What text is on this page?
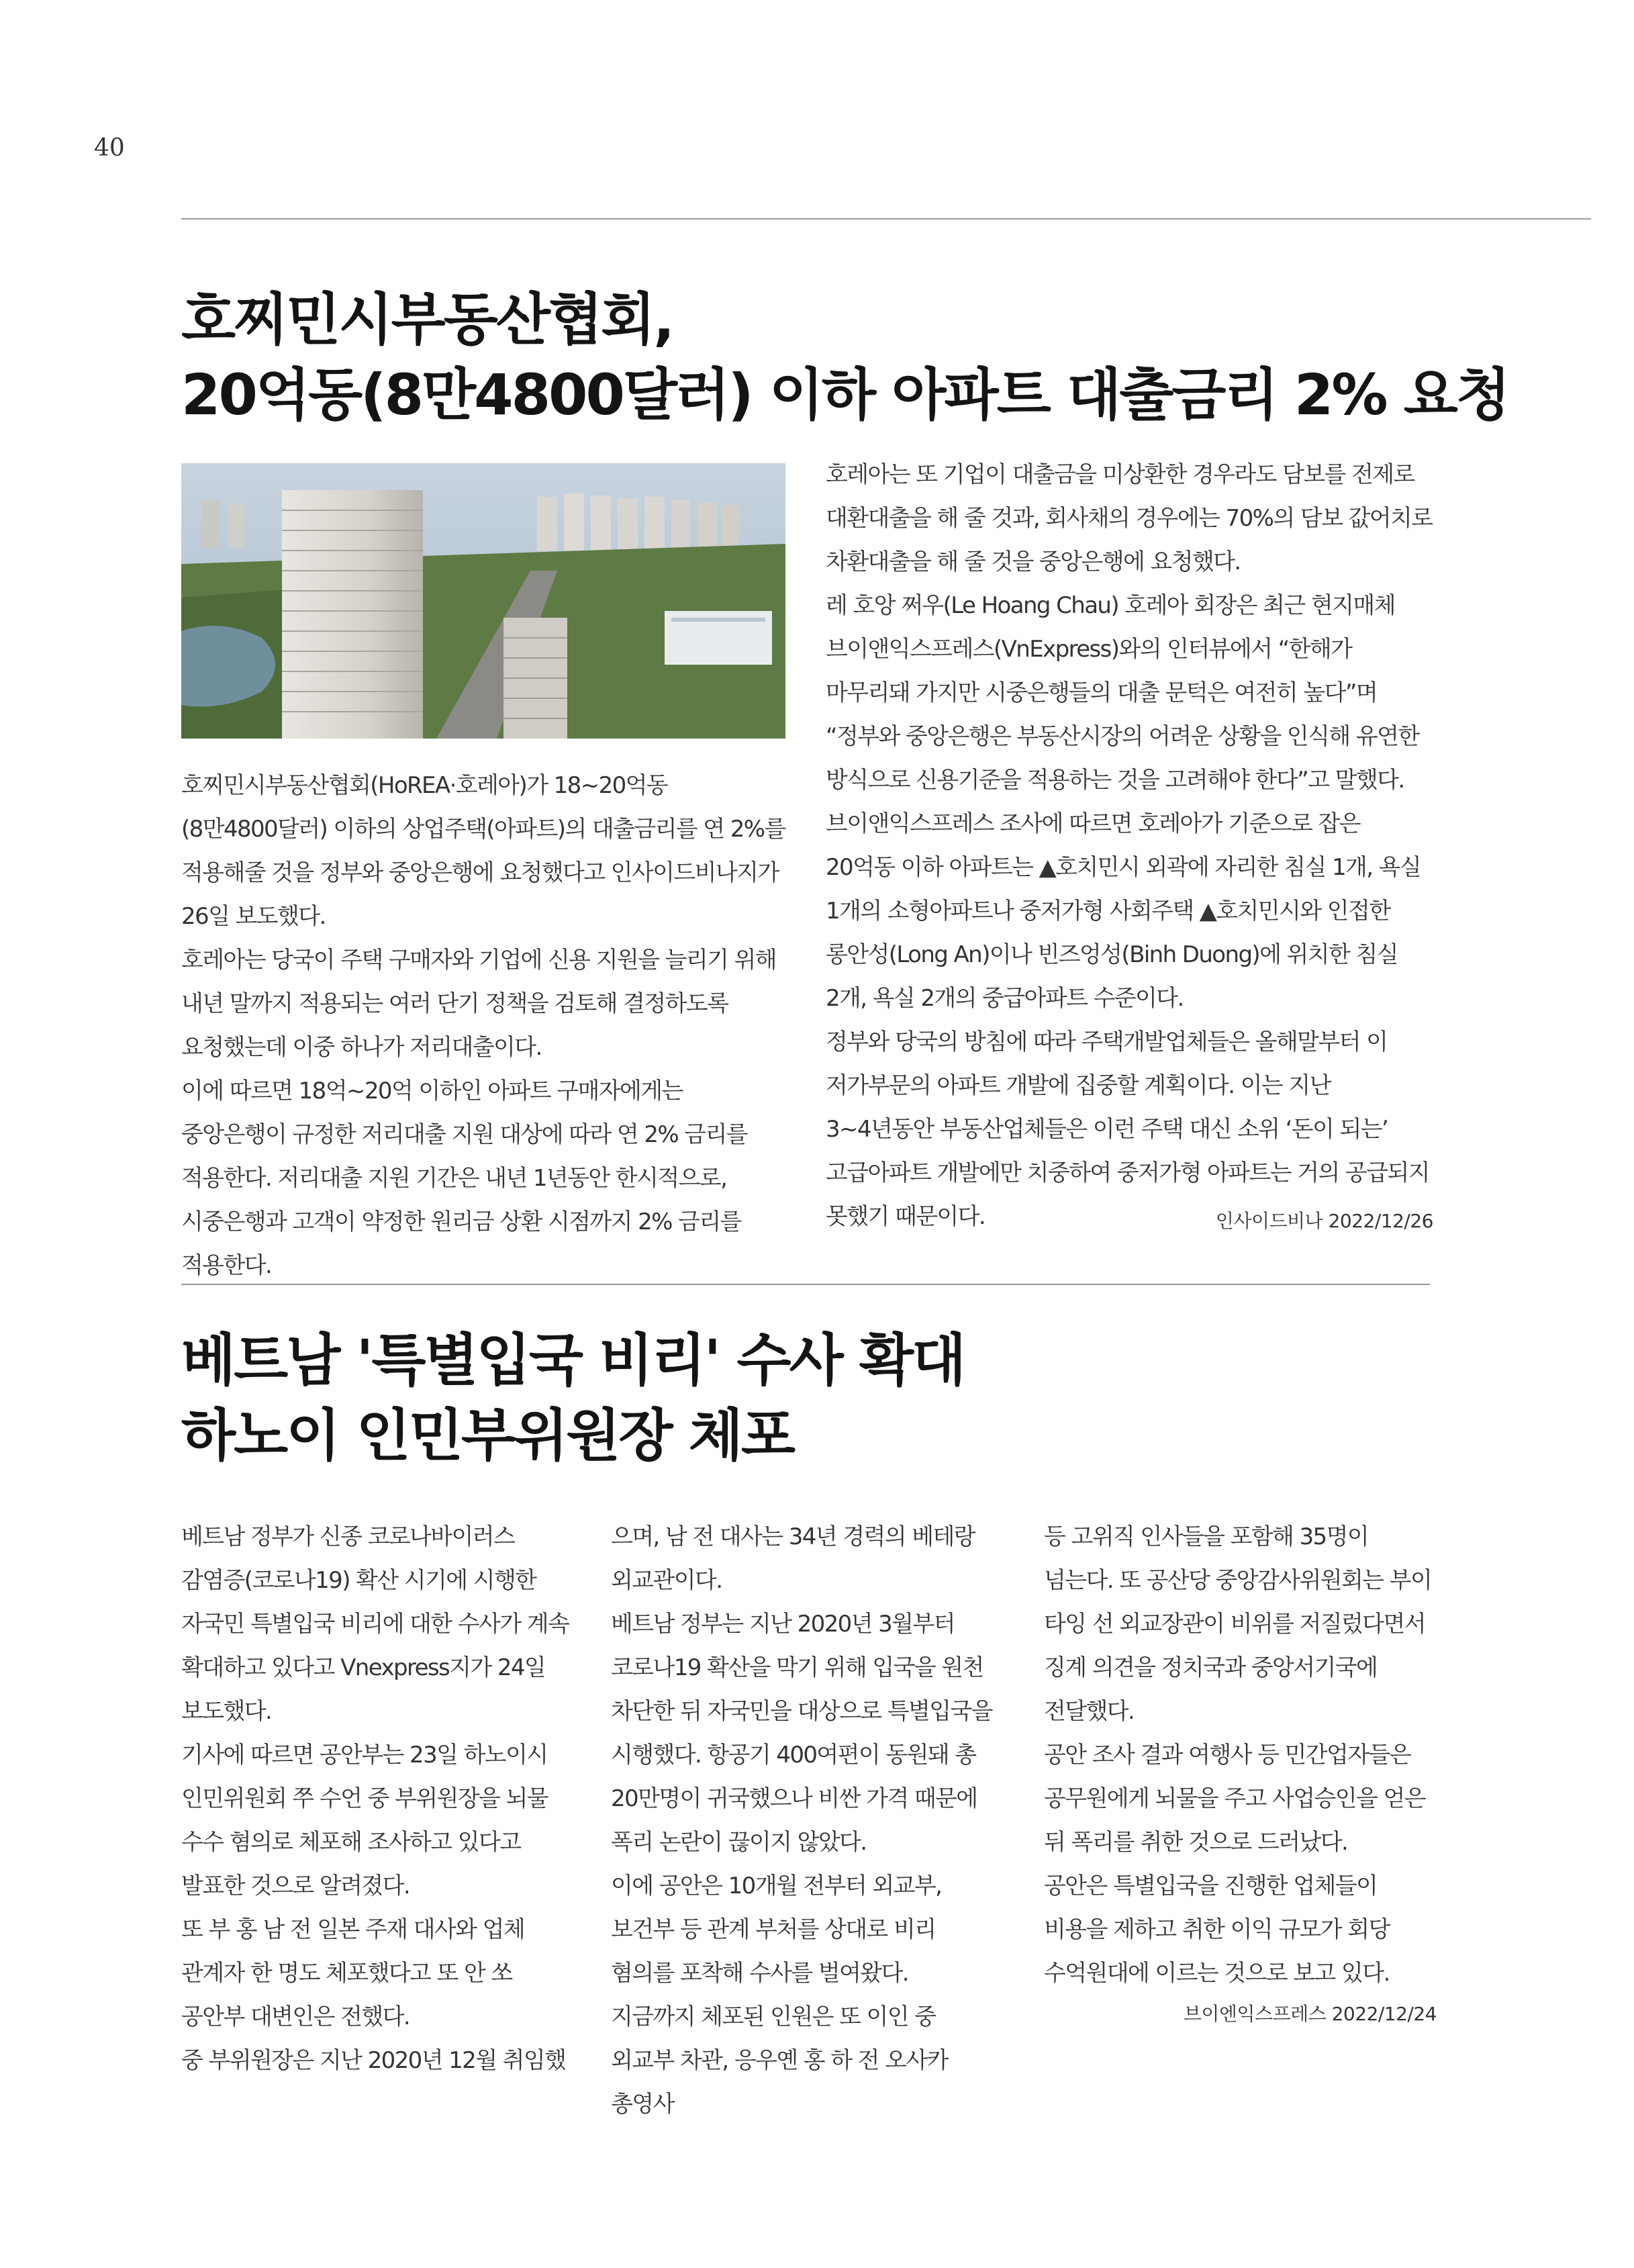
40
호찌민시부동산협회,
20억동(8만4800달러) 이하 아파트 대출금리 2% 요청

호찌민시부동산협회(HoREA·호레아)가 18~20억동(8만4800달러) 이하의 상업주택(아파트)의 대출금리를 연 2%를 적용해줄 것을 정부와 중앙은행에 요청했다고 인사이드비나지가 26일 보도했다.

호레아는 당국이 주택 구매자와 기업에 신용 지원을 늘리기 위해 내년 말까지 적용되는 여러 단기 정책을 검토해 결정하도록 요청했는데 이중 하나가 저리대출이다.

이에 따르면 18억~20억 이하인 아파트 구매자에게는 중앙은행이 규정한 저리대출 지원 대상에 따라 연 2% 금리를 적용한다. 저리대출 지원 기간은 내년 1년동안 한시적으로, 시중은행과 고객이 약정한 원리금 상환 시점까지 2% 금리를 적용한다.

호레아는 또 기업이 대출금을 미상환한 경우라도 담보를 전제로 대환대출을 해 줄 것과, 회사채의 경우에는 70%의 담보 값어치로 차환대출을 해 줄 것을 중앙은행에 요청했다.

레 호앙 쩌우(Le Hoang Chau) 호레아 회장은 최근 현지매체 브이앤익스프레스(VnExpress)와의 인터뷰에서 “한해가 마무리돼 가지만 시중은행들의 대출 문턱은 여전히 높다”며 “정부와 중앙은행은 부동산시장의 어려운 상황을 인식해 유연한 방식으로 신용기준을 적용하는 것을 고려해야 한다”고 말했다.

브이앤익스프레스 조사에 따르면 호레아가 기준으로 잡은 20억동 이하 아파트는 ▲호치민시 외곽에 자리한 침실 1개, 욕실 1개의 소형아파트나 중저가형 사회주택 ▲호치민시와 인접한 롱안성(Long An)이나 빈즈엉성(Binh Duong)에 위치한 침실 2개, 욕실 2개의 중급아파트 수준이다.

정부와 당국의 방침에 따라 주택개발업체들은 올해말부터 이 저가부문의 아파트 개발에 집중할 계획이다. 이는 지난 3~4년동안 부동산업체들은 이런 주택 대신 소위 ‘돈이 되는’ 고급아파트 개발에만 치중하여 중저가형 아파트는 거의 공급되지 못했기 때문이다.	인사이드비나 2022/12/26
베트남 '특별입국 비리' 수사 확대
하노이 인민부위원장 체포

베트남 정부가 신종 코로나바이러스 감염증(코로나19) 확산 시기에 시행한 자국민 특별입국 비리에 대한 수사가 계속 확대하고 있다고 Vnexpress지가 24일 보도했다.

기사에 따르면 공안부는 23일 하노이시 인민위원회 쭈 수언 중 부위원장을 뇌물 수수 혐의로 체포해 조사하고 있다고 발표한 것으로 알려졌다.

또 부 홍 남 전 일본 주재 대사와 업체 관계자 한 명도 체포했다고 또 안 쏘 공안부 대변인은 전했다.

중 부위원장은 지난 2020년 12월 취임했

으며, 남 전 대사는 34년 경력의 베테랑 외교관이다.

베트남 정부는 지난 2020년 3월부터 코로나19 확산을 막기 위해 입국을 원천 차단한 뒤 자국민을 대상으로 특별입국을 시행했다. 항공기 400여편이 동원돼 총 20만명이 귀국했으나 비싼 가격 때문에 폭리 논란이 끊이지 않았다.

이에 공안은 10개월 전부터 외교부, 보건부 등 관계 부처를 상대로 비리 혐의를 포착해 수사를 벌여왔다.

지금까지 체포된 인원은 또 이인 중 외교부 차관, 응우옌 홍 하 전 오사카 총영사

등 고위직 인사들을 포함해 35명이 넘는다. 또 공산당 중앙감사위원회는 부이 타잉 선 외교장관이 비위를 저질렀다면서 징계 의견을 정치국과 중앙서기국에 전달했다.

공안 조사 결과 여행사 등 민간업자들은 공무원에게 뇌물을 주고 사업승인을 얻은 뒤 폭리를 취한 것으로 드러났다.

공안은 특별입국을 진행한 업체들이 비용을 제하고 취한 이익 규모가 회당 수억원대에 이르는 것으로 보고 있다.

브이엔익스프레스 2022/12/24
